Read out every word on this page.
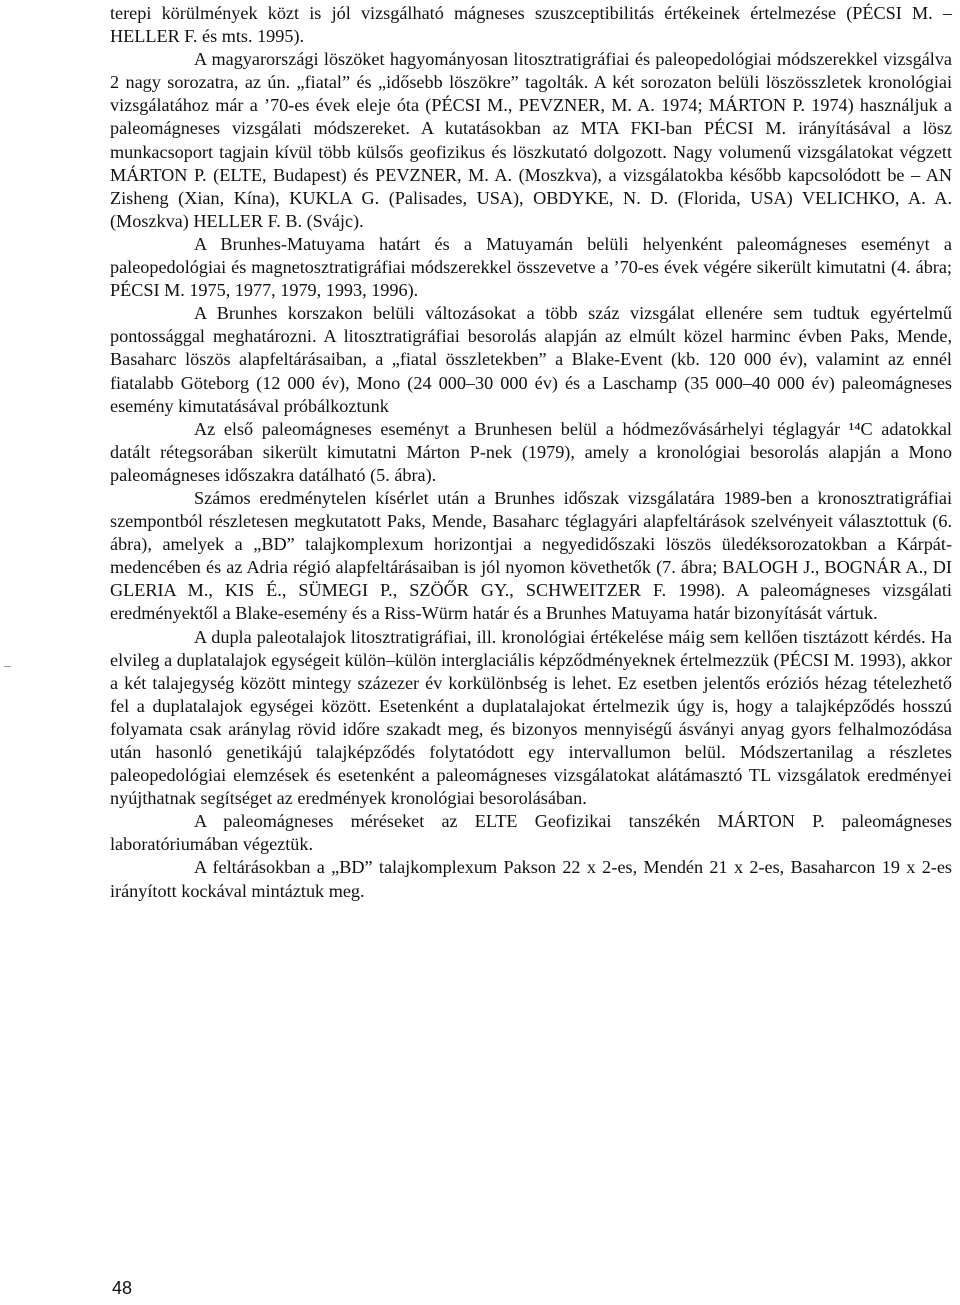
terepi körülmények közt is jól vizsgálható mágneses szuszceptibilitás értékeinek értelmezése (PÉCSI M. – HELLER F. és mts. 1995).

A magyarországi löszöket hagyományosan litosztratigráfiai és paleopedológiai módszerekkel vizsgálva 2 nagy sorozatra, az ún. „fiatal” és „idősebb löszökre” tagolták. A két sorozaton belüli löszösszletek kronológiai vizsgálatához már a ’70-es évek eleje óta (PÉCSI M., PEVZNER, M. A. 1974; MÁRTON P. 1974) használjuk a paleomágneses vizsgálati módszereket. A kutatásokban az MTA FKI-ban PÉCSI M. irányításával a lösz munkacsoport tagjain kívül több külsős geofizikus és löszkutató dolgozott. Nagy volumenű vizsgálatokat végzett MÁRTON P. (ELTE, Budapest) és PEVZNER, M. A. (Moszkva), a vizsgálatokba később kapcsolódott be – AN Zisheng (Xian, Kína), KUKLA G. (Palisades, USA), OBDYKE, N. D. (Florida, USA) VELICHKO, A. A. (Moszkva) HELLER F. B. (Svájc).

A Brunhes-Matuyama határt és a Matuyamán belüli helyenként paleomágneses eseményt a paleopedológiai és magnetosztratigráfiai módszerekkel összevetve a ’70-es évek végére sikerült kimutatni (4. ábra; PÉCSI M. 1975, 1977, 1979, 1993, 1996).

A Brunhes korszakon belüli változásokat a több száz vizsgálat ellenére sem tudtuk egyértelmű pontossággal meghatározni. A litosztratigráfiai besorolás alapján az elmúlt közel harminc évben Paks, Mende, Basaharc löszös alapfeltárásaiban, a „fiatal összletekben” a Blake-Event (kb. 120 000 év), valamint az ennél fiatalabb Göteborg (12 000 év), Mono (24 000–30 000 év) és a Laschamp (35 000–40 000 év) paleomágneses esemény kimutatásával próbálkoztunk

Az első paleomágneses eseményt a Brunhesen belül a hódmezővásárhelyi téglagyár ¹⁴C adatokkal datált rétegsorában sikerült kimutatni Márton P-nek (1979), amely a kronológiai besorolás alapján a Mono paleomágneses időszakra datálható (5. ábra).

Számos eredménytelen kísérlet után a Brunhes időszak vizsgálatára 1989-ben a kronosztratigráfiai szempontból részletesen megkutatott Paks, Mende, Basaharc téglagyári alapfeltárások szelvényeit választottuk (6. ábra), amelyek a „BD” talajkomplexum horizontjai a negyedidőszaki löszös üledéksorozatokban a Kárpát-medencében és az Adria régió alapfeltárásaiban is jól nyomon követhetők (7. ábra; BALOGH J., BOGNÁR A., DI GLERIA M., KIS É., SÜMEGI P., SZÖŐR GY., SCHWEITZER F. 1998). A paleomágneses vizsgálati eredményektől a Blake-esemény és a Riss-Würm határ és a Brunhes Matuyama határ bizonyítását vártuk.

A dupla paleotalajok litosztratigráfiai, ill. kronológiai értékelése máig sem kellően tisztázott kérdés. Ha elvileg a duplatalajok egységeit külön–külön interglaciális képződményeknek értelmezzük (PÉCSI M. 1993), akkor a két talajegység között mintegy százezer év korkülönbség is lehet. Ez esetben jelentős eróziós hézag tételezhető fel a duplatalajok egységei között. Esetenként a duplatalajokat értelmezik úgy is, hogy a talajképződés hosszú folyamata csak aránylag rövid időre szakadt meg, és bizonyos mennyiségű ásványi anyag gyors felhalmozódása után hasonló genetikájú talajképződés folytatódott egy intervallumon belül. Módszertanilag a részletes paleopedológiai elemzések és esetenként a paleomágneses vizsgálatokat alátámasztó TL vizsgálatok eredményei nyújthatnak segítséget az eredmények kronológiai besorolásában.

A paleomágneses méréseket az ELTE Geofizikai tanszékén MÁRTON P. paleomágneses laboratóriumában végeztük.

A feltárásokban a „BD” talajkomplexum Pakson 22 x 2-es, Mendén 21 x 2-es, Basaharcon 19 x 2-es irányított kockával mintáztuk meg.

48
